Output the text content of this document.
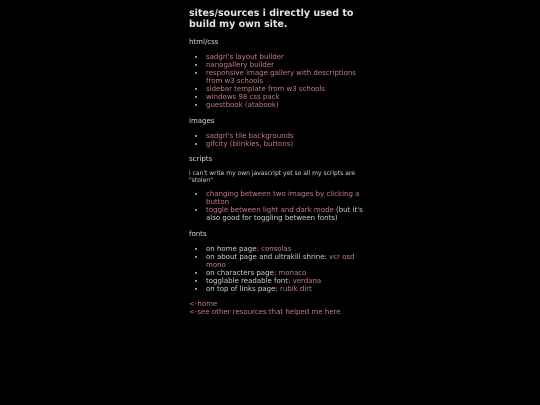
sites/sources i directly used to build my own site.
html/css
• sadgrl's layout builder
• nanogallery builder
• responsive image gallery with descriptions from w3 schools
• sidebar template from w3 schools
• windows 98 css pack
• guestbook (atabook)
images
• sadgrl's tile backgrounds
• gifcity (blinkies, buttons)
scripts

i can't write my own javascript yet so all my scripts are "stolen"

• changing between two images by clicking a button
• toggle between light and dark mode (but it's also good for toggling between fonts)
fonts
• on home page: consolas
• on about page and ultrakill shrine: vcr osd mono
• on characters page: monaco
• togglable readable font: verdana
• on top of links page: rubik dirt
<-home
<-see other resources that helped me here
